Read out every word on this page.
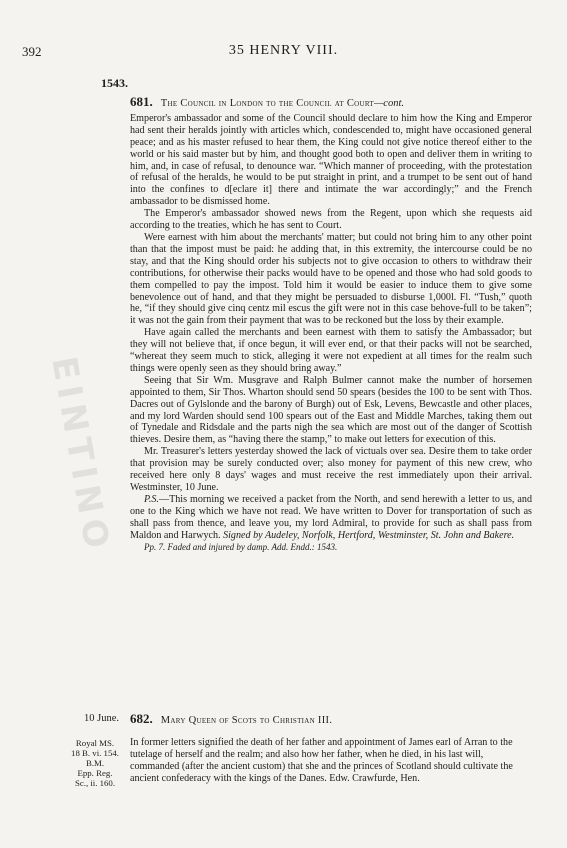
EINTINO
392	35 HENRY VIII.
1543.
681. The Council in London to the Council at Court—cont.

Emperor's ambassador and some of the Council should declare to him how the King and Emperor had sent their heralds jointly with articles which, condescended to, might have occasioned general peace; and as his master refused to hear them, the King could not give notice thereof either to the world or his said master but by him, and thought good both to open and deliver them in writing to him, and, in case of refusal, to denounce war. “Which manner of proceeding, with the protestation of refusal of the heralds, he would to be put straight in print, and a trumpet to be sent out of hand into the confines to d[eclare it] there and intimate the war accordingly;” and the French ambassador to be dismissed home.

The Emperor's ambassador showed news from the Regent, upon which she requests aid according to the treaties, which he has sent to Court.

Were earnest with him about the merchants' matter; but could not bring him to any other point than that the impost must be paid: he adding that, in this extremity, the intercourse could be no stay, and that the King should order his subjects not to give occasion to others to withdraw their contributions, for otherwise their packs would have to be opened and those who had sold goods to them compelled to pay the impost. Told him it would be easier to induce them to give some benevolence out of hand, and that they might be persuaded to disburse 1,000l. Fl. “Tush,” quoth he, “if they should give cinq centz mil escus the gift were not in this case behove-full to be taken”; it was not the gain from their payment that was to be reckoned but the loss by their example.

Have again called the merchants and been earnest with them to satisfy the Ambassador; but they will not believe that, if once begun, it will ever end, or that their packs will not be searched, “whereat they seem much to stick, alleging it were not expedient at all times for the realm such things were openly seen as they should bring away.”

Seeing that Sir Wm. Musgrave and Ralph Bulmer cannot make the number of horsemen appointed to them, Sir Thos. Wharton should send 50 spears (besides the 100 to be sent with Thos. Dacres out of Gylslonde and the barony of Burgh) out of Esk, Levens, Bewcastle and other places, and my lord Warden should send 100 spears out of the East and Middle Marches, taking them out of Tynedale and Ridsdale and the parts nigh the sea which are most out of the danger of Scottish thieves. Desire them, as “having there the stamp,” to make out letters for execution of this.

Mr. Treasurer's letters yesterday showed the lack of victuals over sea. Desire them to take order that provision may be surely conducted over; also money for payment of this new crew, who received here only 8 days' wages and must receive the rest immediately upon their arrival. Westminster, 10 June.

P.S.—This morning we received a packet from the North, and send herewith a letter to us, and one to the King which we have not read. We have written to Dover for transportation of such as shall pass from thence, and leave you, my lord Admiral, to provide for such as shall pass from Maldon and Harwych. Signed by Audeley, Norfolk, Hertford, Westminster, St. John and Bakere.

Pp. 7. Faded and injured by damp. Add. Endd.: 1543.

10 June.
Royal MS.
18 B. vi. 154.
B.M.
Epp. Reg.
Sc., ii. 160.
682. Mary Queen of Scots to Christian III.

In former letters signified the death of her father and appointment of James earl of Arran to the tutelage of herself and the realm; and also how her father, when he died, in his last will, commanded (after the ancient custom) that she and the princes of Scotland should cultivate the ancient confederacy with the kings of the Danes. Edw. Crawfurde, Hen.
